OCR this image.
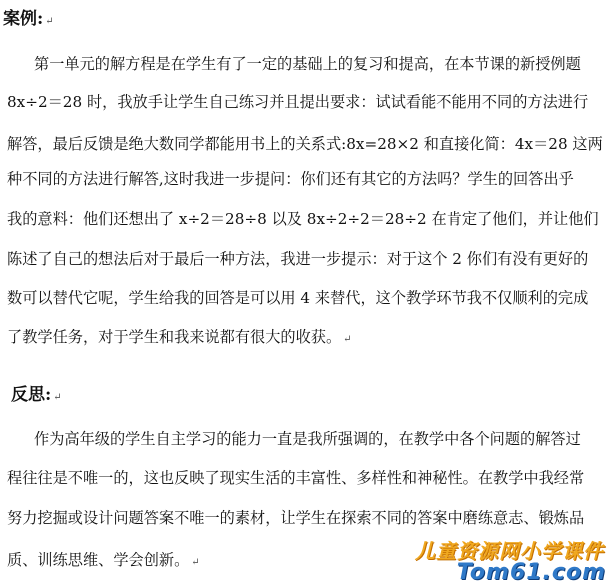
案例: ↵
第一单元的解方程是在学生有了一定的基础上的复习和提高，在本节课的新授例题
8x÷2＝28 时，我放手让学生自己练习并且提出要求：试试看能不能用不同的方法进行
解答，最后反馈是绝大数同学都能用书上的关系式:8x=28×2 和直接化简：4x＝28 这两
种不同的方法进行解答,这时我进一步提问：你们还有其它的方法吗？学生的回答出乎
我的意料：他们还想出了 x÷2＝28÷8 以及 8x÷2÷2＝28÷2 在肯定了他们，并让他们
陈述了自己的想法后对于最后一种方法，我进一步提示：对于这个 2 你们有没有更好的
数可以替代它呢，学生给我的回答是可以用 4 来替代，这个教学环节我不仅顺利的完成
了教学任务，对于学生和我来说都有很大的收获。 ↵
反思: ↵
作为高年级的学生自主学习的能力一直是我所强调的，在教学中各个问题的解答过
程往往是不唯一的，这也反映了现实生活的丰富性、多样性和神秘性。在教学中我经常
努力挖掘或设计问题答案不唯一的素材，让学生在探索不同的答案中磨练意志、锻炼品
质、训练思维、学会创新。 ↵	儿童资源网小学课件
Tom61.com
